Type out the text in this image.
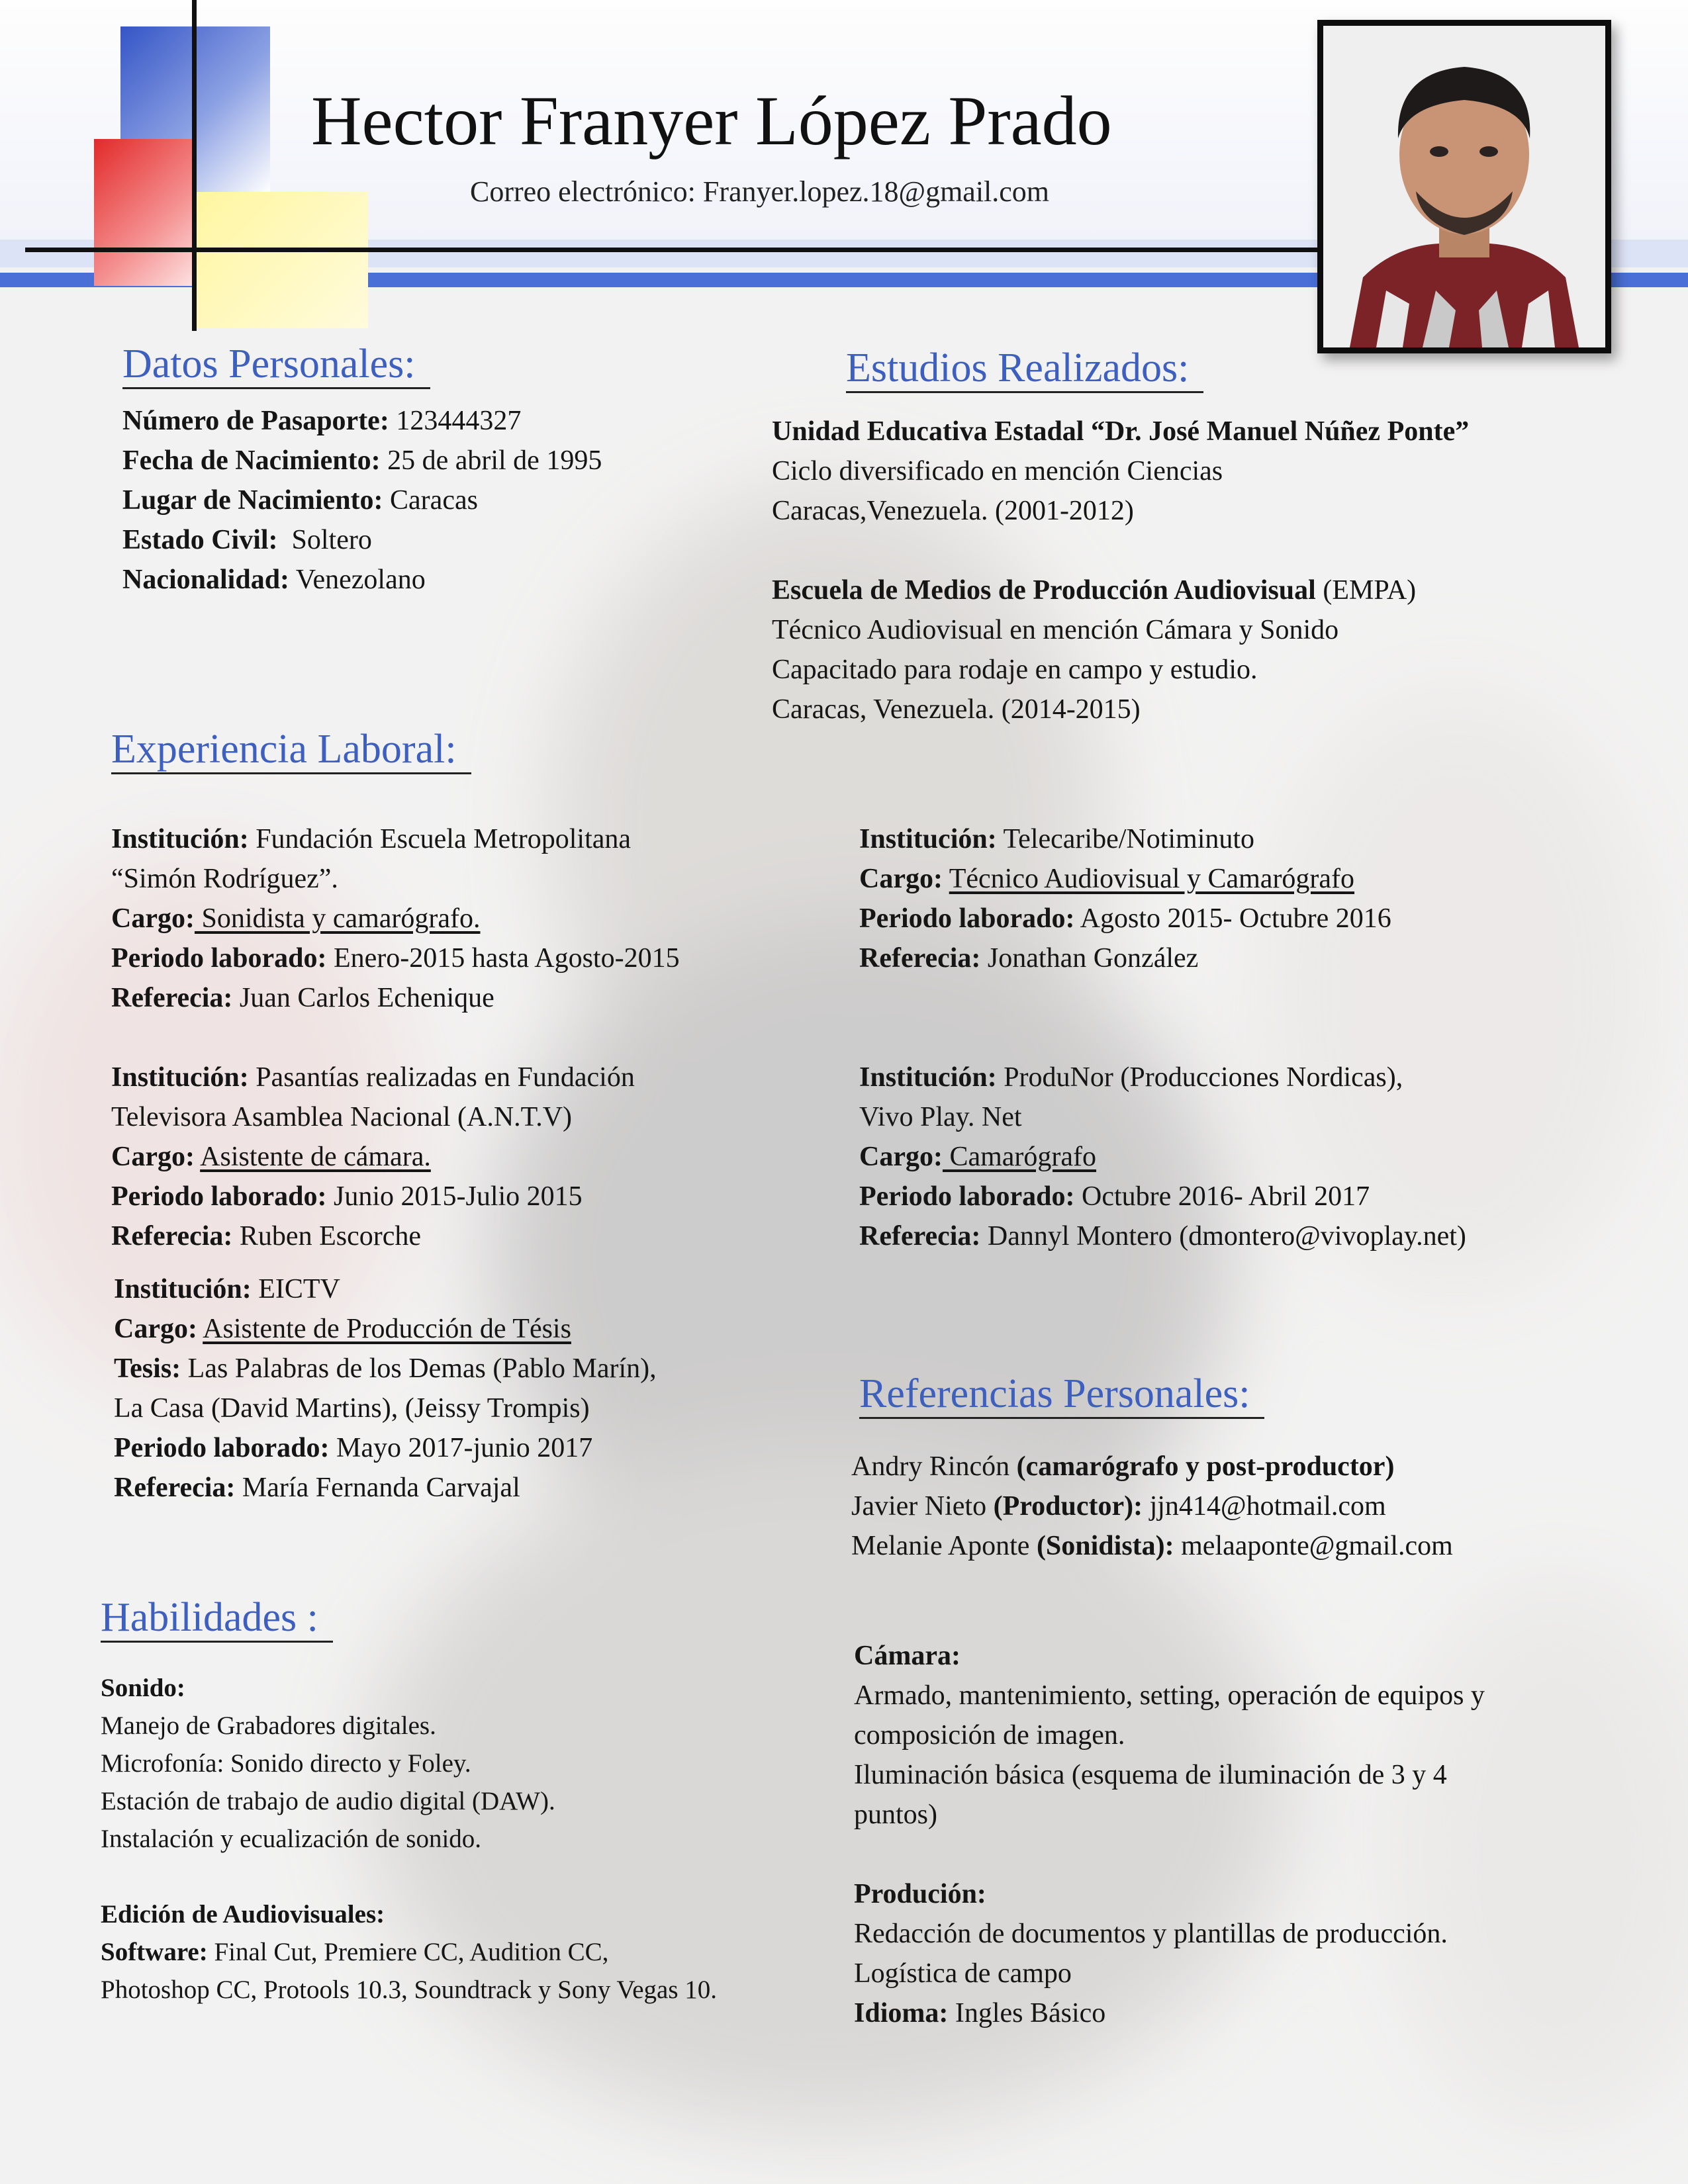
Hector Franyer López Prado
Correo electrónico: Franyer.lopez.18@gmail.com
Datos Personales:
Número de Pasaporte: 123444327
Fecha de Nacimiento: 25 de abril de 1995
Lugar de Nacimiento: Caracas
Estado Civil: Soltero
Nacionalidad: Venezolano
Estudios Realizados:
Unidad Educativa Estadal “Dr. José Manuel Núñez Ponte”
Ciclo diversificado en mención Ciencias
Caracas,Venezuela. (2001-2012)
Escuela de Medios de Producción Audiovisual (EMPA)
Técnico Audiovisual en mención Cámara y Sonido
Capacitado para rodaje en campo y estudio.
Caracas, Venezuela. (2014-2015)
Experiencia Laboral:
Institución: Fundación Escuela Metropolitana
“Simón Rodríguez”.
Cargo: Sonidista y camarógrafo.
Periodo laborado: Enero-2015 hasta Agosto-2015
Referecia: Juan Carlos Echenique
Institución: Telecaribe/Notiminuto
Cargo: Técnico Audiovisual y Camarógrafo
Periodo laborado: Agosto 2015- Octubre 2016
Referecia: Jonathan González
Institución: Pasantías realizadas en Fundación
Televisora Asamblea Nacional (A.N.T.V)
Cargo: Asistente de cámara.
Periodo laborado: Junio 2015-Julio 2015
Referecia: Ruben Escorche
Institución: ProduNor (Producciones Nordicas),
Vivo Play. Net
Cargo: Camarógrafo
Periodo laborado: Octubre 2016- Abril 2017
Referecia: Dannyl Montero (dmontero@vivoplay.net)
Institución: EICTV
Cargo: Asistente de Producción de Tésis
Tesis: Las Palabras de los Demas (Pablo Marín),
La Casa (David Martins), (Jeissy Trompis)
Periodo laborado: Mayo 2017-junio 2017
Referecia: María Fernanda Carvajal
Referencias Personales:
Andry Rincón (camarógrafo y post-productor)
Javier Nieto (Productor): jjn414@hotmail.com
Melanie Aponte (Sonidista): melaaponte@gmail.com
Habilidades :
Sonido:
Manejo de Grabadores digitales.
Microfonía: Sonido directo y Foley.
Estación de trabajo de audio digital (DAW).
Instalación y ecualización de sonido.
Edición de Audiovisuales:
Software: Final Cut, Premiere CC, Audition CC,
Photoshop CC, Protools 10.3, Soundtrack y Sony Vegas 10.
Cámara:
Armado, mantenimiento, setting, operación de equipos y
composición de imagen.
Iluminación básica (esquema de iluminación de 3 y 4
puntos)
Produción:
Redacción de documentos y plantillas de producción.
Logística de campo
Idioma: Ingles Básico
